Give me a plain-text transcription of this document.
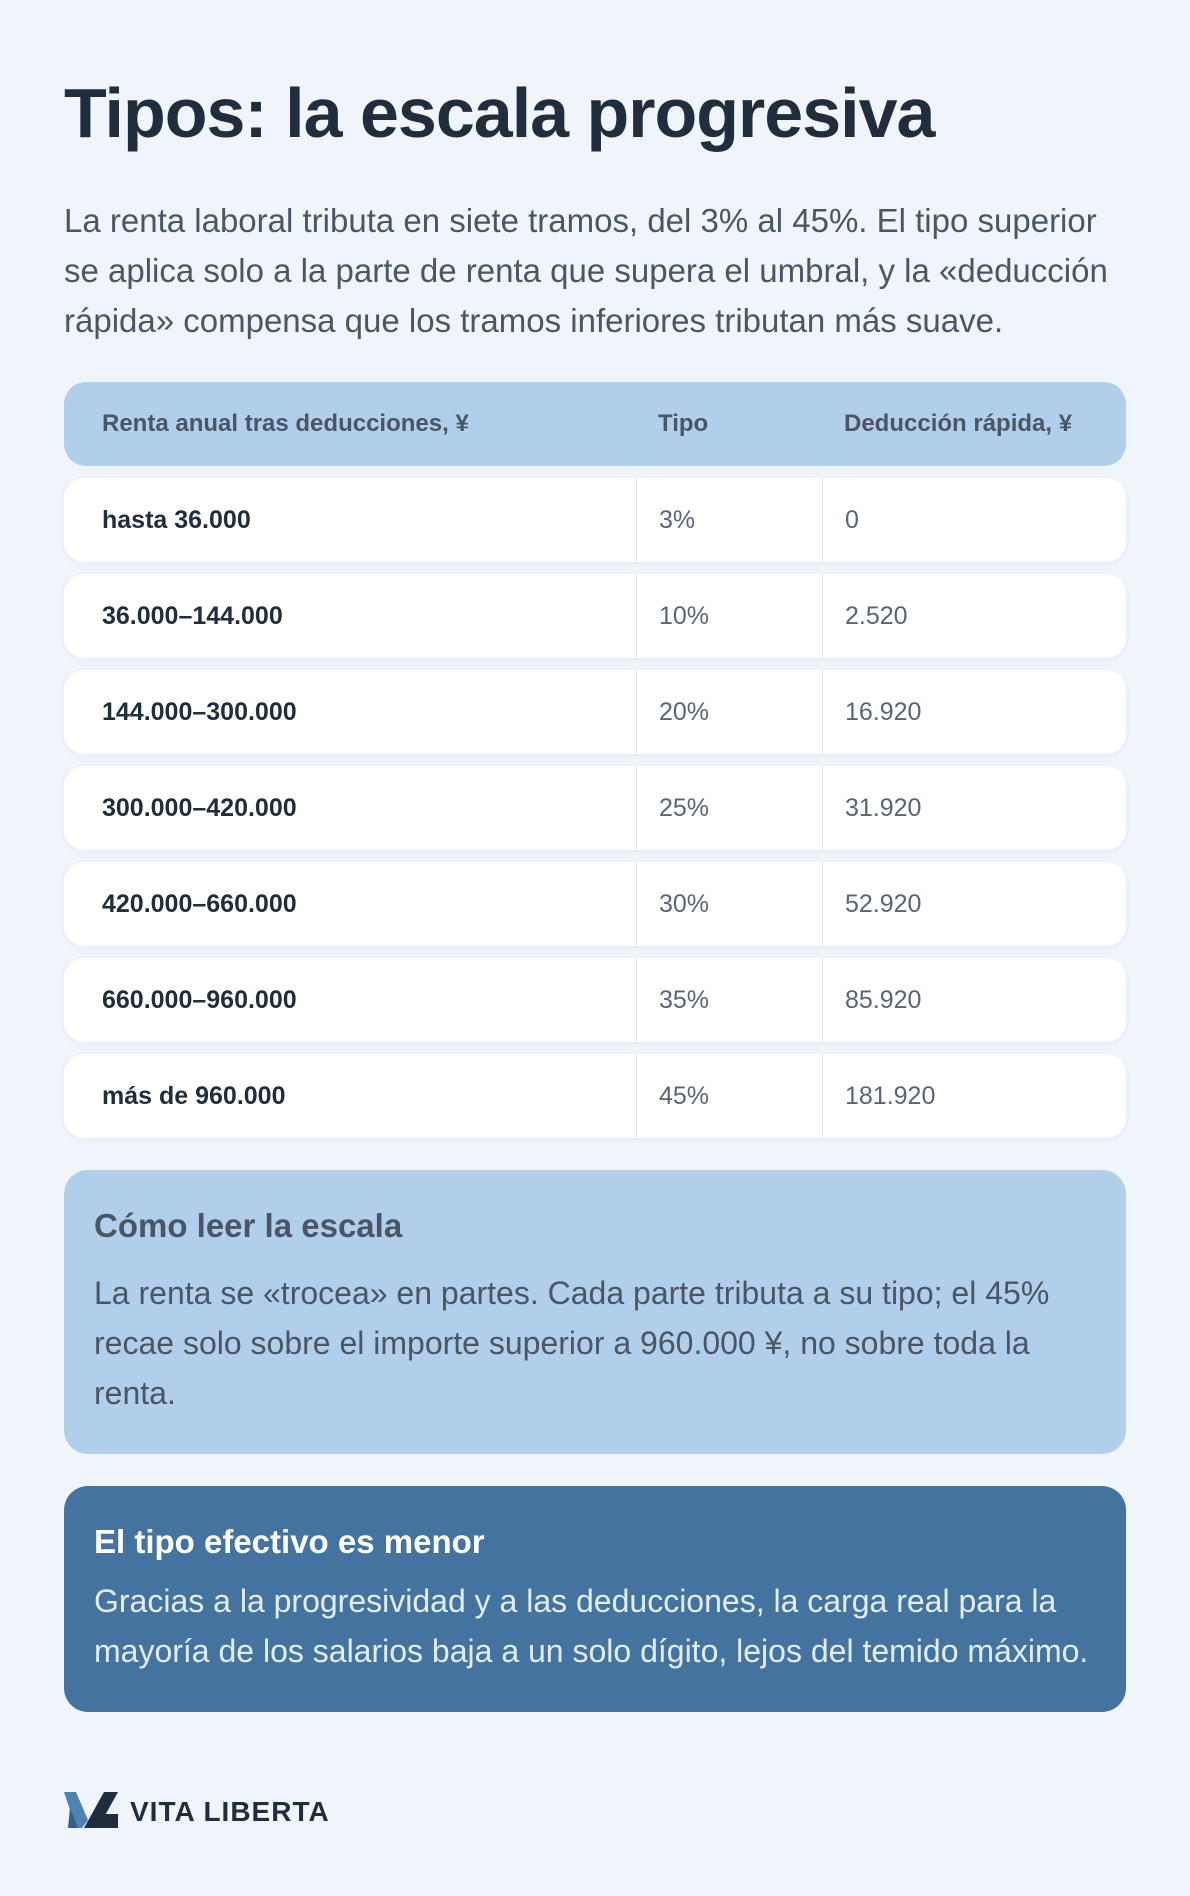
Tipos: la escala progresiva

La renta laboral tributa en siete tramos, del 3% al 45%. El tipo superior se aplica solo a la parte de renta que supera el umbral, y la «deducción rápida» compensa que los tramos inferiores tributan más suave.

Renta anual tras deducciones, ¥	Tipo	Deducción rápida, ¥
hasta 36.000	3%	0
36.000–144.000	10%	2.520
144.000–300.000	20%	16.920
300.000–420.000	25%	31.920
420.000–660.000	30%	52.920
660.000–960.000	35%	85.920
más de 960.000	45%	181.920
Cómo leer la escala

La renta se «trocea» en partes. Cada parte tributa a su tipo; el 45% recae solo sobre el importe superior a 960.000 ¥, no sobre toda la renta.

El tipo efectivo es menor

Gracias a la progresividad y a las deducciones, la carga real para la mayoría de los salarios baja a un solo dígito, lejos del temido máximo.

VITA LIBERTA
